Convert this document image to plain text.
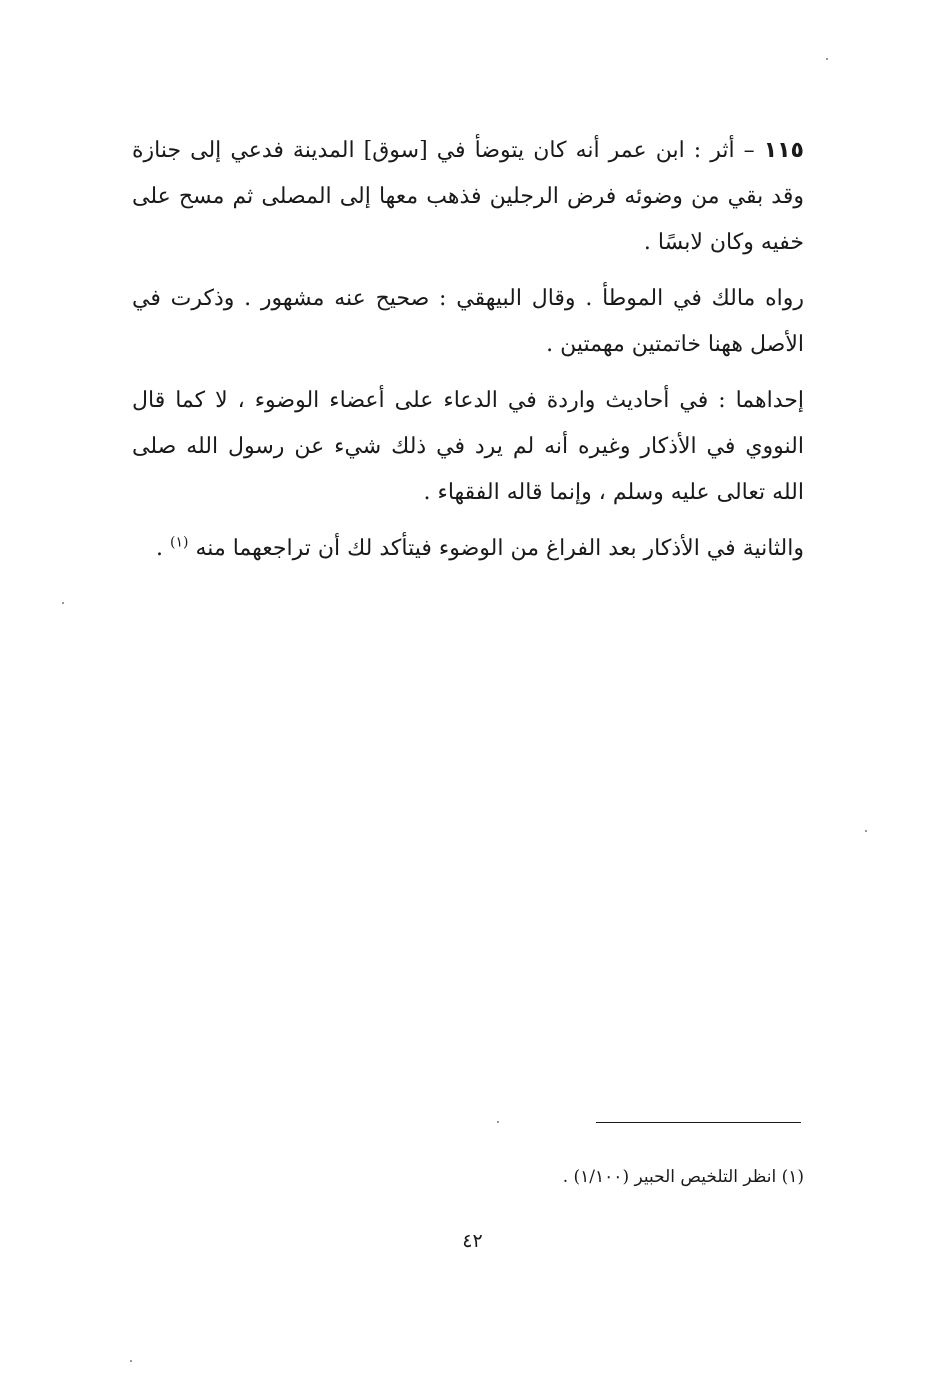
١١٥ – أثر : ابن عمر أنه كان يتوضأ في [سوق] المدينة فدعي إلى جنازة وقد بقي من وضوئه فرض الرجلين فذهب معها إلى المصلى ثم مسح على خفيه وكان لابسًا .

رواه مالك في الموطأ . وقال البيهقي : صحيح عنه مشهور . وذكرت في الأصل ههنا خاتمتين مهمتين .

إحداهما : في أحاديث واردة في الدعاء على أعضاء الوضوء ، لا كما قال النووي في الأذكار وغيره أنه لم يرد في ذلك شيء عن رسول الله صلى الله تعالى عليه وسلم ، وإنما قاله الفقهاء .

والثانية في الأذكار بعد الفراغ من الوضوء فيتأكد لك أن تراجعهما منه $^{(١)}$ .

(١) انظر التلخيص الحبير (١/١٠٠) .
٤٢
